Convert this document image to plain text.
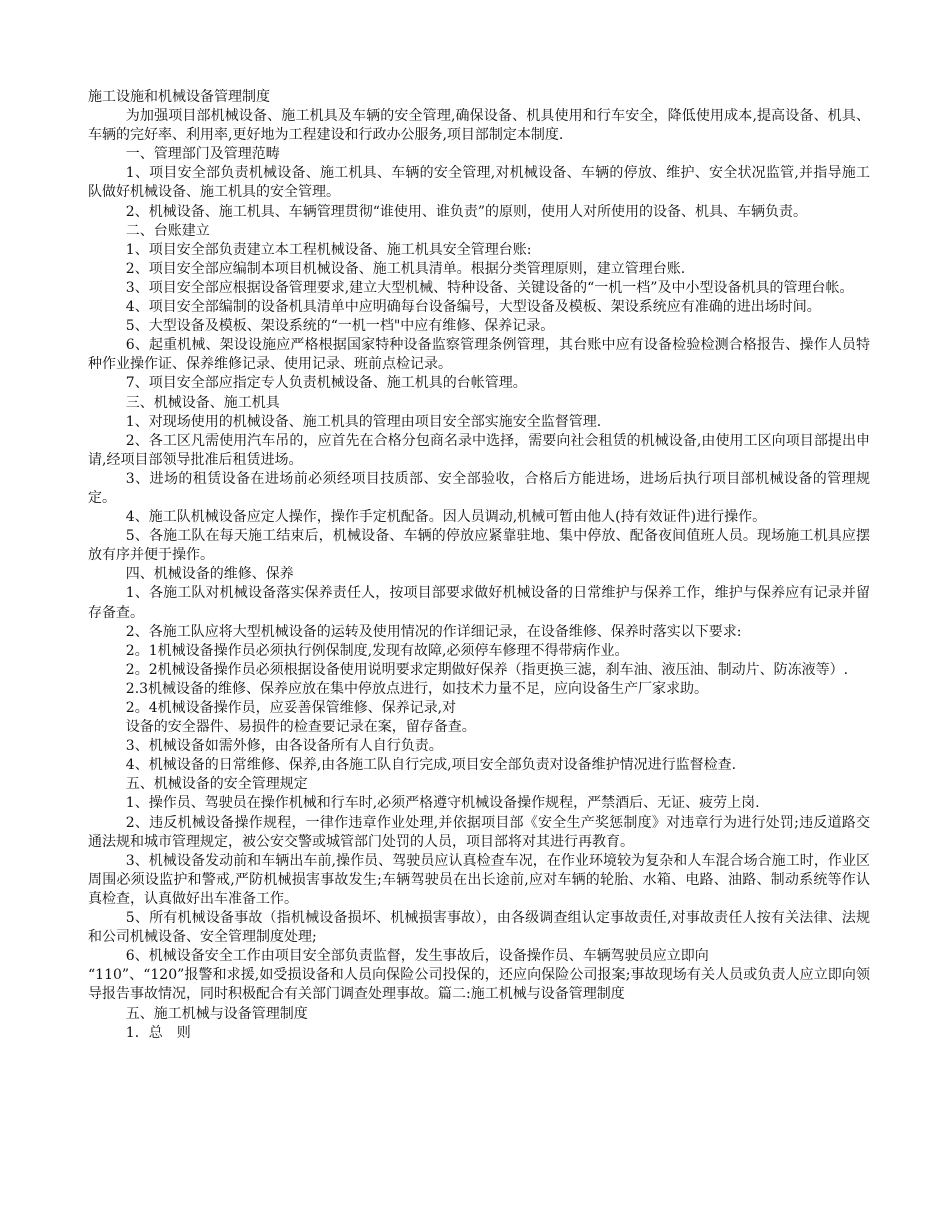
施工设施和机械设备管理制度

为加强项目部机械设备、施工机具及车辆的安全管理,确保设备、机具使用和行车安全，降低使用成本,提高设备、机具、车辆的完好率、利用率,更好地为工程建设和行政办公服务,项目部制定本制度.

一、管理部门及管理范畴

1、项目安全部负责机械设备、施工机具、车辆的安全管理,对机械设备、车辆的停放、维护、安全状况监管,并指导施工队做好机械设备、施工机具的安全管理。

2、机械设备、施工机具、车辆管理贯彻“谁使用、谁负责”的原则，使用人对所使用的设备、机具、车辆负责。

二、台账建立

1、项目安全部负责建立本工程机械设备、施工机具安全管理台账:

2、项目安全部应编制本项目机械设备、施工机具清单。根据分类管理原则，建立管理台账.

3、项目安全部应根据设备管理要求,建立大型机械、特种设备、关键设备的“一机一档”及中小型设备机具的管理台帐。

4、项目安全部编制的设备机具清单中应明确每台设备编号，大型设备及模板、架设系统应有准确的进出场时间。

5、大型设备及模板、架设系统的“一机一档"中应有维修、保养记录。

6、起重机械、架设设施应严格根据国家特种设备监察管理条例管理，其台账中应有设备检验检测合格报告、操作人员特种作业操作证、保养维修记录、使用记录、班前点检记录。

7、项目安全部应指定专人负责机械设备、施工机具的台帐管理。

三、机械设备、施工机具

1、对现场使用的机械设备、施工机具的管理由项目安全部实施安全监督管理.

2、各工区凡需使用汽车吊的，应首先在合格分包商名录中选择，需要向社会租赁的机械设备,由使用工区向项目部提出申请,经项目部领导批准后租赁进场。

3、进场的租赁设备在进场前必须经项目技质部、安全部验收，合格后方能进场，进场后执行项目部机械设备的管理规定。

4、施工队机械设备应定人操作，操作手定机配备。因人员调动,机械可暂由他人(持有效证件)进行操作。

5、各施工队在每天施工结束后，机械设备、车辆的停放应紧靠驻地、集中停放、配备夜间值班人员。现场施工机具应摆放有序并便于操作。

四、机械设备的维修、保养

1、各施工队对机械设备落实保养责任人，按项目部要求做好机械设备的日常维护与保养工作，维护与保养应有记录并留存备查。

2、各施工队应将大型机械设备的运转及使用情况的作详细记录，在设备维修、保养时落实以下要求:

2。1机械设备操作员必须执行例保制度,发现有故障,必须停车修理不得带病作业。

2。2机械设备操作员必须根据设备使用说明要求定期做好保养（指更换三滤，刹车油、液压油、制动片、防冻液等）.

2.3机械设备的维修、保养应放在集中停放点进行，如技术力量不足，应向设备生产厂家求助。

2。4机械设备操作员，应妥善保管维修、保养记录,对

设备的安全器件、易损件的检查要记录在案，留存备查。

3、机械设备如需外修，由各设备所有人自行负责。

4、机械设备的日常维修、保养,由各施工队自行完成,项目安全部负责对设备维护情况进行监督检查.

五、机械设备的安全管理规定

1、操作员、驾驶员在操作机械和行车时,必须严格遵守机械设备操作规程，严禁酒后、无证、疲劳上岗.

2、违反机械设备操作规程，一律作违章作业处理,并依据项目部《安全生产奖惩制度》对违章行为进行处罚;违反道路交通法规和城市管理规定，被公安交警或城管部门处罚的人员，项目部将对其进行再教育。

3、机械设备发动前和车辆出车前,操作员、驾驶员应认真检查车况，在作业环境较为复杂和人车混合场合施工时，作业区周围必须设监护和警戒,严防机械损害事故发生;车辆驾驶员在出长途前,应对车辆的轮胎、水箱、电路、油路、制动系统等作认真检查，认真做好出车准备工作。

5、所有机械设备事故（指机械设备损坏、机械损害事故），由各级调查组认定事故责任,对事故责任人按有关法律、法规和公司机械设备、安全管理制度处理;

6、机械设备安全工作由项目安全部负责监督，发生事故后，设备操作员、车辆驾驶员应立即向

“110”、“120”报警和求援,如受损设备和人员向保险公司投保的，还应向保险公司报案;事故现场有关人员或负责人应立即向领导报告事故情况，同时积极配合有关部门调查处理事故。篇二:施工机械与设备管理制度

五、施工机械与设备管理制度

1．总　则
